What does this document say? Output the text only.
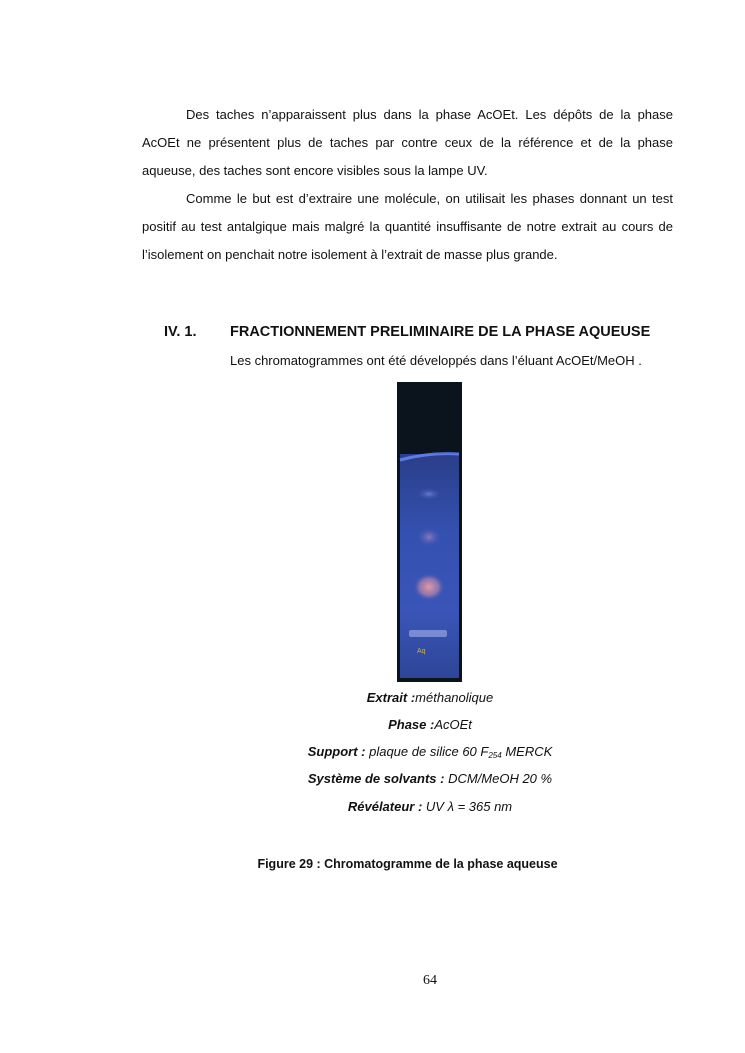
Des taches n’apparaissent plus dans la phase AcOEt. Les dépôts de la phase AcOEt ne présentent plus de taches par contre ceux de la référence et de la phase aqueuse, des taches sont encore visibles sous la lampe UV.

Comme le but est d’extraire une molécule, on utilisait les phases donnant un test positif au test antalgique mais malgré la quantité insuffisante de notre extrait au cours de l’isolement on penchait notre isolement à l’extrait de masse plus grande.

IV. 1. FRACTIONNEMENT PRELIMINAIRE DE LA PHASE AQUEUSE
Les chromatogrammes ont été développés dans l’éluant AcOEt/MeOH .
Aq
Extrait :méthanolique
Phase :AcOEt
Support : plaque de silice 60 $F_{254}$ MERCK
Système de solvants : DCM/MeOH 20 %
Révélateur : UV λ = 365 nm
Figure 29 : Chromatogramme de la phase aqueuse
64
